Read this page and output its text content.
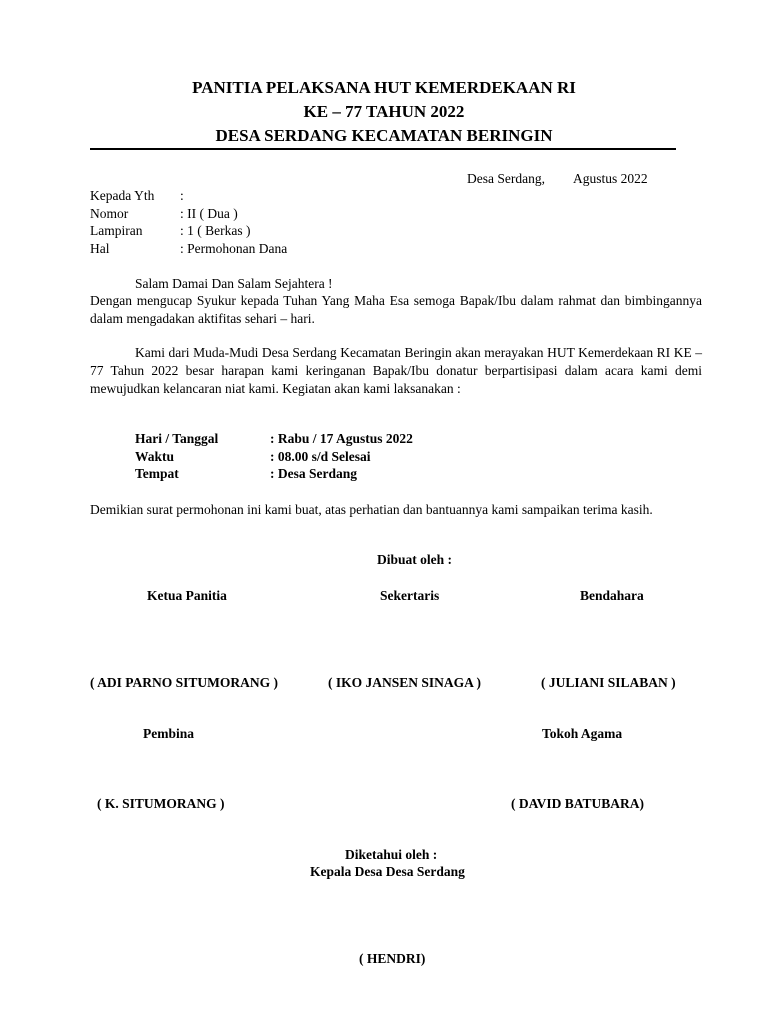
PANITIA PELAKSANA HUT KEMERDEKAAN RI
KE – 77 TAHUN 2022
DESA SERDANG KECAMATAN BERINGIN
Desa Serdang, Agustus 2022
Kepada Yth :
Nomor	: II ( Dua )
Lampiran	: 1 ( Berkas )
Hal	: Permohonan Dana
Salam Damai Dan Salam Sejahtera !
Dengan mengucap Syukur kepada Tuhan Yang Maha Esa semoga Bapak/Ibu dalam rahmat dan bimbingannya dalam mengadakan aktifitas sehari – hari.
Kami dari Muda-Mudi Desa Serdang Kecamatan Beringin akan merayakan HUT Kemerdekaan RI KE – 77 Tahun 2022 besar harapan kami keringanan Bapak/Ibu donatur berpartisipasi dalam acara kami demi mewujudkan kelancaran niat kami. Kegiatan akan kami laksanakan :
Hari / Tanggal	: Rabu / 17 Agustus 2022
Waktu	: 08.00 s/d Selesai
Tempat	: Desa Serdang
Demikian surat permohonan ini kami buat, atas perhatian dan bantuannya kami sampaikan terima kasih.
Dibuat oleh :
Ketua Panitia	Sekertaris	Bendahara
( ADI PARNO SITUMORANG )	( IKO JANSEN SINAGA )	( JULIANI SILABAN )
Pembina	Tokoh Agama
( K. SITUMORANG )	( DAVID BATUBARA)
Diketahui oleh :
Kepala Desa Desa Serdang
( HENDRI)
